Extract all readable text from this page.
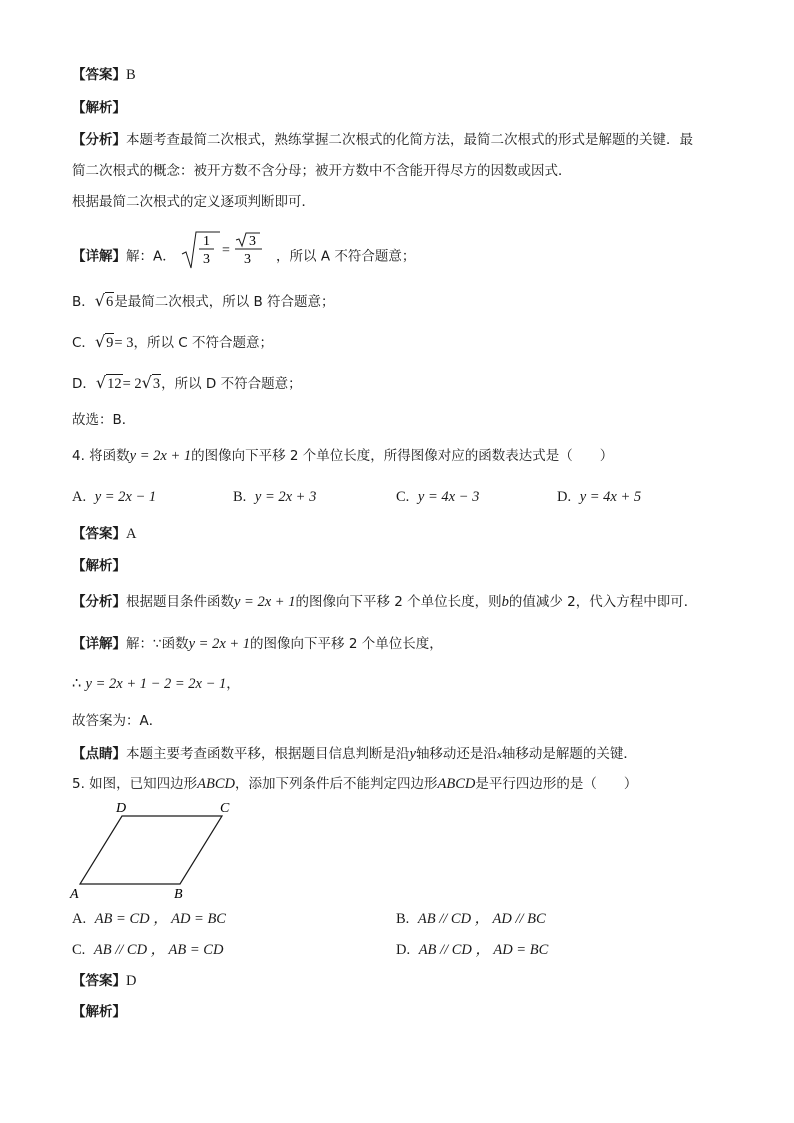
【答案】B
【解析】
【分析】本题考查最简二次根式，熟练掌握二次根式的化简方法，最简二次根式的形式是解题的关键．最
简二次根式的概念：被开方数不含分母；被开方数中不含能开得尽方的因数或因式．
根据最简二次根式的定义逐项判断即可．
【详解】解：A．
1
3
=
3
3 ，所以 A 不符合题意；
B．√6是最简二次根式，所以 B 符合题意；
C．√9= 3，所以 C 不符合题意；
D．√12= 2√3，所以 D 不符合题意；
故选：B．
4. 将函数y = 2x + 1的图像向下平移 2 个单位长度，所得图像对应的函数表达式是（　　）
A. y = 2x − 1	B. y = 2x + 3	C. y = 4x − 3	D. y = 4x + 5
【答案】A
【解析】
【分析】根据题目条件函数y = 2x + 1的图像向下平移 2 个单位长度，则b的值减少 2，代入方程中即可．
【详解】解：∵函数y = 2x + 1的图像向下平移 2 个单位长度，
∴ y = 2x + 1 − 2 = 2x − 1，
故答案为：A．
【点睛】本题主要考查函数平移，根据题目信息判断是沿y轴移动还是沿x轴移动是解题的关键．
5. 如图，已知四边形ABCD，添加下列条件后不能判定四边形ABCD是平行四边形的是（　　）
A	B
C
D
A. AB = CD ， AD = BC	B. AB // CD ， AD // BC
C. AB // CD ， AB = CD	D. AB // CD ， AD = BC
【答案】D
【解析】
